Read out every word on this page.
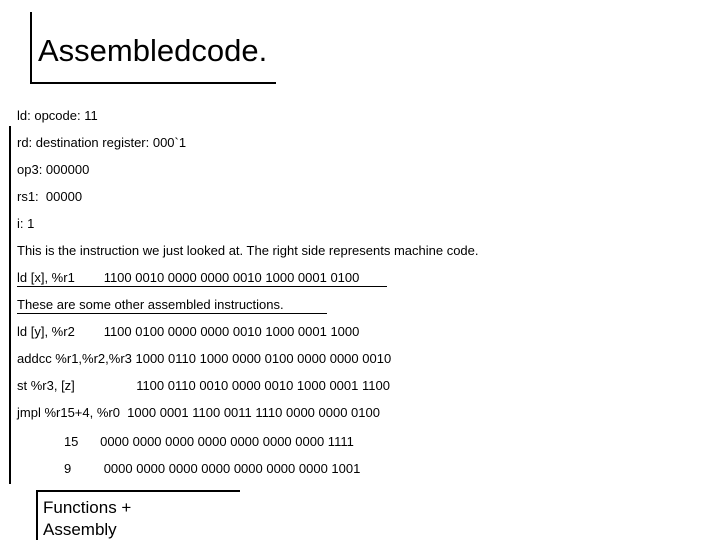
Assembledcode.
ld: opcode: 11
rd: destination register: 000`1
op3: 000000
rs1:  00000
i: 1
This is the instruction we just looked at. The right side represents machine code.
ld [x], %r1        1100 0010 0000 0000 0010 1000 0001 0100
These are some other assembled instructions.
ld [y], %r2        1100 0100 0000 0000 0010 1000 0001 1000
addcc %r1,%r2,%r3 1000 0110 1000 0000 0100 0000 0000 0010
st %r3, [z]                 1100 0110 0010 0000 0010 1000 0001 1100
jmpl %r15+4, %r0  1000 0001 1100 0011 1110 0000 0000 0100
15      0000 0000 0000 0000 0000 0000 0000 1111
9         0000 0000 0000 0000 0000 0000 0000 1001
Functions +
Assembly
